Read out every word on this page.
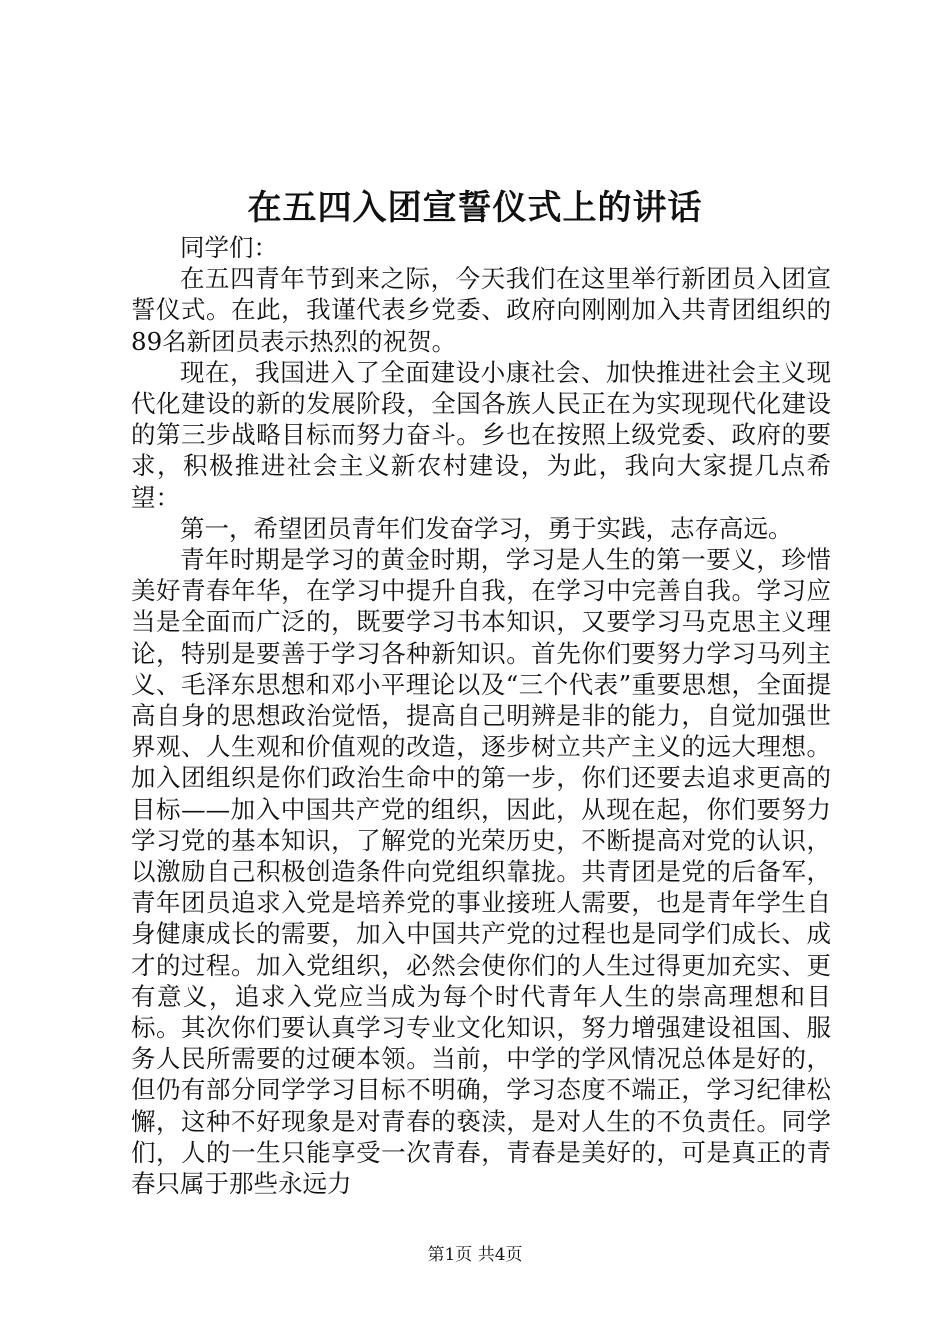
在五四入团宣誓仪式上的讲话

同学们：

在五四青年节到来之际，今天我们在这里举行新团员入团宣誓仪式。在此，我谨代表乡党委、政府向刚刚加入共青团组织的89名新团员表示热烈的祝贺。

现在，我国进入了全面建设小康社会、加快推进社会主义现代化建设的新的发展阶段，全国各族人民正在为实现现代化建设的第三步战略目标而努力奋斗。乡也在按照上级党委、政府的要求，积极推进社会主义新农村建设，为此，我向大家提几点希望：

第一，希望团员青年们发奋学习，勇于实践，志存高远。

青年时期是学习的黄金时期，学习是人生的第一要义，珍惜美好青春年华，在学习中提升自我，在学习中完善自我。学习应当是全面而广泛的，既要学习书本知识，又要学习马克思主义理论，特别是要善于学习各种新知识。首先你们要努力学习马列主义、毛泽东思想和邓小平理论以及“三个代表”重要思想，全面提高自身的思想政治觉悟，提高自己明辨是非的能力，自觉加强世界观、人生观和价值观的改造，逐步树立共产主义的远大理想。加入团组织是你们政治生命中的第一步，你们还要去追求更高的目标——加入中国共产党的组织，因此，从现在起，你们要努力学习党的基本知识，了解党的光荣历史，不断提高对党的认识，以激励自己积极创造条件向党组织靠拢。共青团是党的后备军，青年团员追求入党是培养党的事业接班人需要，也是青年学生自身健康成长的需要，加入中国共产党的过程也是同学们成长、成才的过程。加入党组织，必然会使你们的人生过得更加充实、更有意义，追求入党应当成为每个时代青年人生的崇高理想和目标。其次你们要认真学习专业文化知识，努力增强建设祖国、服务人民所需要的过硬本领。当前，中学的学风情况总体是好的，但仍有部分同学学习目标不明确，学习态度不端正，学习纪律松懈，这种不好现象是对青春的亵渎，是对人生的不负责任。同学们，人的一生只能享受一次青春，青春是美好的，可是真正的青春只属于那些永远力

第1页 共4页
